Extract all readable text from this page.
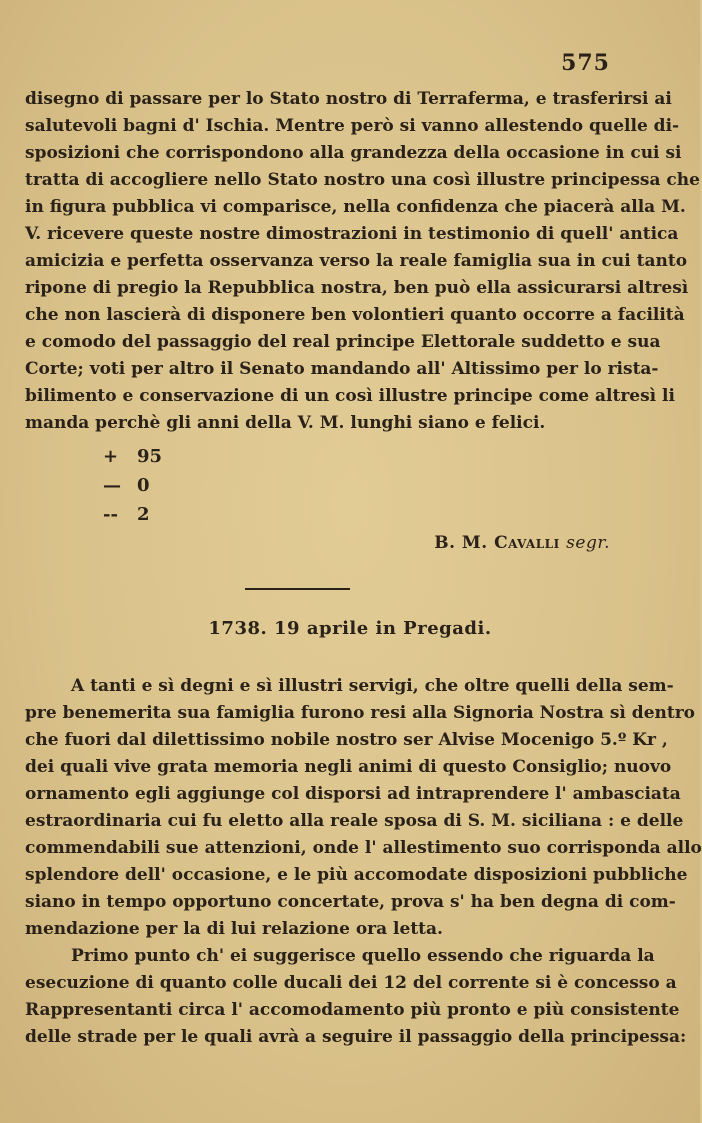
575
disegno di passare per lo Stato nostro di Terraferma, e trasferirsi ai
salutevoli bagni d' Ischia. Mentre però si vanno allestendo quelle di-
sposizioni che corrispondono alla grandezza della occasione in cui si
tratta di accogliere nello Stato nostro una così illustre principessa che
in figura pubblica vi comparisce, nella confidenza che piacerà alla M.
V. ricevere queste nostre dimostrazioni in testimonio di quell' antica
amicizia e perfetta osservanza verso la reale famiglia sua in cui tanto
ripone di pregio la Repubblica nostra, ben può ella assicurarsi altresì
che non lascierà di disponere ben volontieri quanto occorre a facilità
e comodo del passaggio del real principe Elettorale suddetto e sua
Corte; voti per altro il Senato mandando all' Altissimo per lo rista-
bilimento e conservazione di un così illustre principe come altresì li
manda perchè gli anni della V. M. lunghi siano e felici.
+ 95
— 0
-- 2
B. M. Cavalli segr.
1738. 19 aprile in Pregadi.
A tanti e sì degni e sì illustri servigi, che oltre quelli della sem-
pre benemerita sua famiglia furono resi alla Signoria Nostra sì dentro
che fuori dal dilettissimo nobile nostro ser Alvise Mocenigo 5.º Kr ,
dei quali vive grata memoria negli animi di questo Consiglio; nuovo
ornamento egli aggiunge col disporsi ad intraprendere l' ambasciata
estraordinaria cui fu eletto alla reale sposa di S. M. siciliana : e delle
commendabili sue attenzioni, onde l' allestimento suo corrisponda allo
splendore dell' occasione, e le più accomodate disposizioni pubbliche
siano in tempo opportuno concertate, prova s' ha ben degna di com-
mendazione per la di lui relazione ora letta.
Primo punto ch' ei suggerisce quello essendo che riguarda la
esecuzione di quanto colle ducali dei 12 del corrente si è concesso a
Rappresentanti circa l' accomodamento più pronto e più consistente
delle strade per le quali avrà a seguire il passaggio della principessa:
